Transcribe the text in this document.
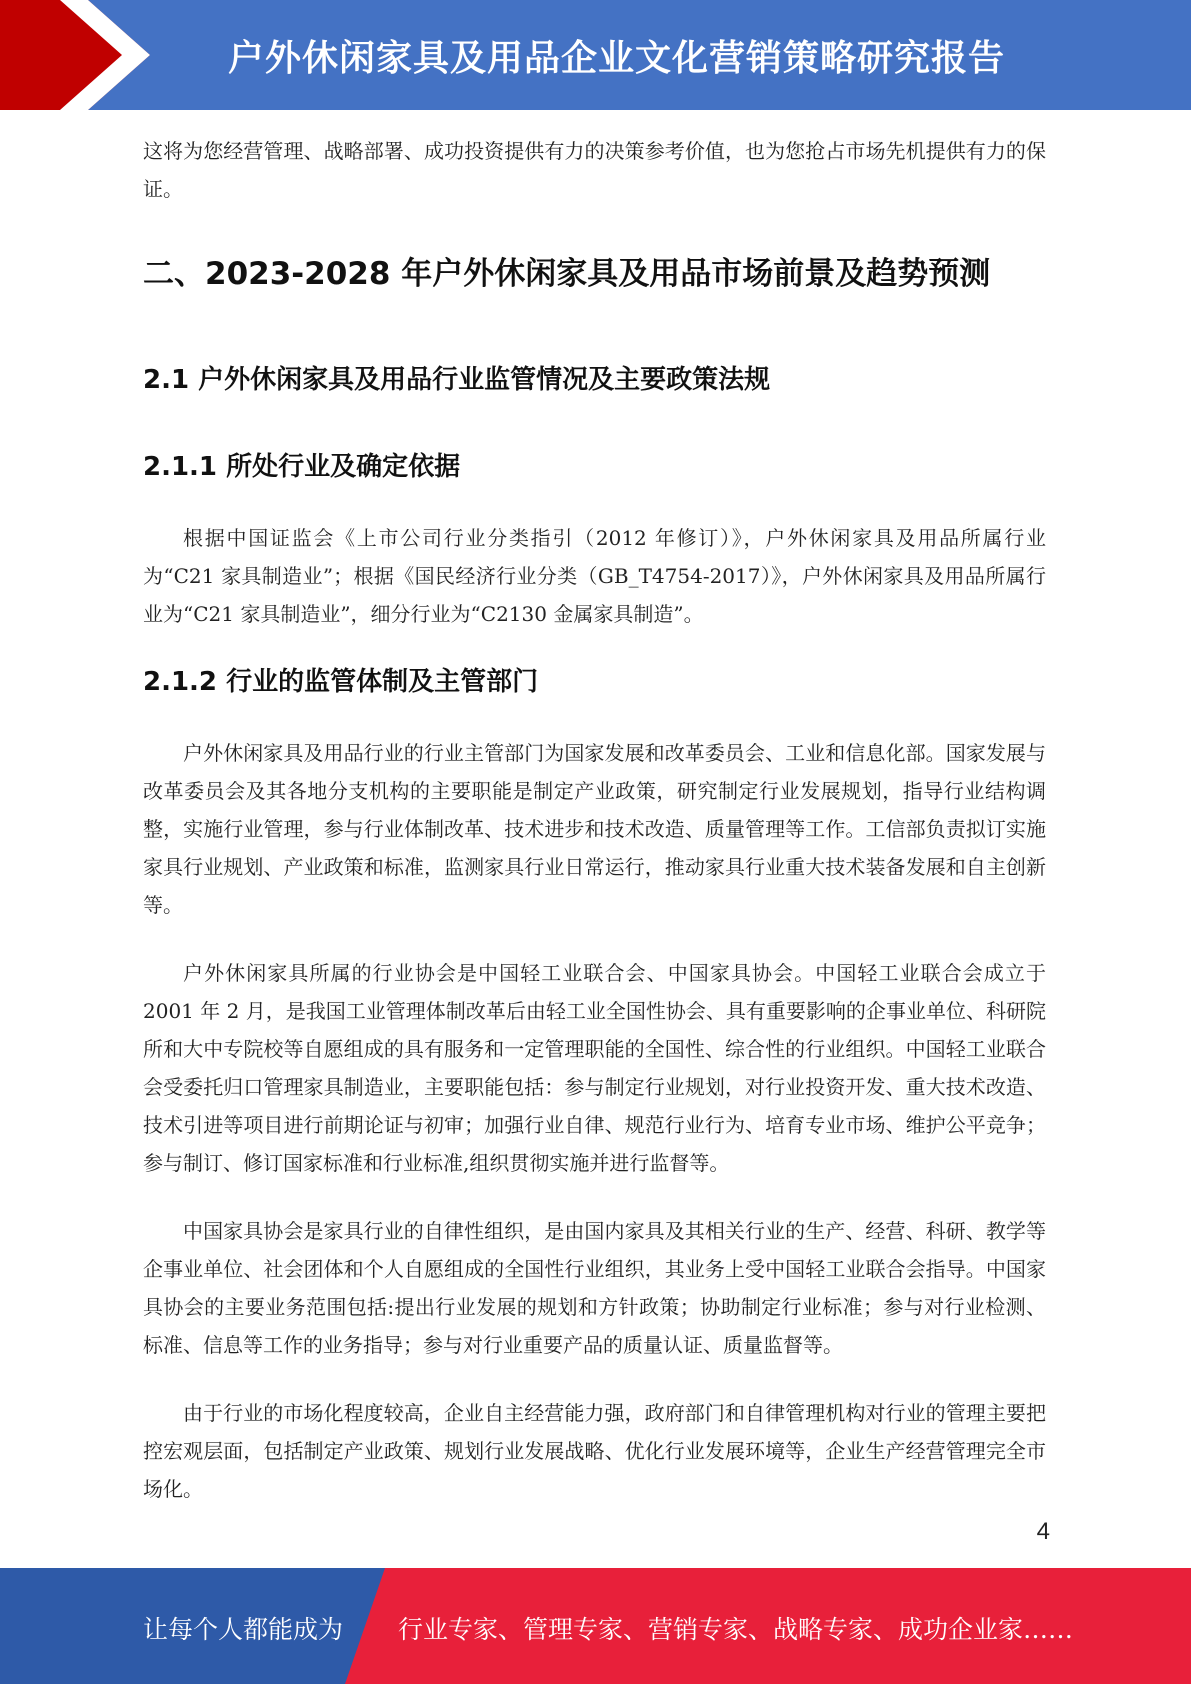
户外休闲家具及用品企业文化营销策略研究报告

这将为您经营管理、战略部署、成功投资提供有力的决策参考价值，也为您抢占市场先机提供有力的保证。

二、2023-2028 年户外休闲家具及用品市场前景及趋势预测
2.1 户外休闲家具及用品行业监管情况及主要政策法规
2.1.1 所处行业及确定依据

根据中国证监会《上市公司行业分类指引（2012 年修订）》，户外休闲家具及用品所属行业为“C21 家具制造业”；根据《国民经济行业分类（GB_T4754-2017）》，户外休闲家具及用品所属行业为“C21 家具制造业”，细分行业为“C2130 金属家具制造”。

2.1.2 行业的监管体制及主管部门

户外休闲家具及用品行业的行业主管部门为国家发展和改革委员会、工业和信息化部。国家发展与改革委员会及其各地分支机构的主要职能是制定产业政策，研究制定行业发展规划，指导行业结构调整，实施行业管理，参与行业体制改革、技术进步和技术改造、质量管理等工作。工信部负责拟订实施家具行业规划、产业政策和标准，监测家具行业日常运行，推动家具行业重大技术装备发展和自主创新等。

户外休闲家具所属的行业协会是中国轻工业联合会、中国家具协会。中国轻工业联合会成立于 2001 年 2 月，是我国工业管理体制改革后由轻工业全国性协会、具有重要影响的企事业单位、科研院所和大中专院校等自愿组成的具有服务和一定管理职能的全国性、综合性的行业组织。中国轻工业联合会受委托归口管理家具制造业，主要职能包括：参与制定行业规划，对行业投资开发、重大技术改造、技术引进等项目进行前期论证与初审；加强行业自律、规范行业行为、培育专业市场、维护公平竞争；参与制订、修订国家标准和行业标准,组织贯彻实施并进行监督等。

中国家具协会是家具行业的自律性组织，是由国内家具及其相关行业的生产、经营、科研、教学等企事业单位、社会团体和个人自愿组成的全国性行业组织，其业务上受中国轻工业联合会指导。中国家具协会的主要业务范围包括:提出行业发展的规划和方针政策；协助制定行业标准；参与对行业检测、标准、信息等工作的业务指导；参与对行业重要产品的质量认证、质量监督等。

由于行业的市场化程度较高，企业自主经营能力强，政府部门和自律管理机构对行业的管理主要把控宏观层面，包括制定产业政策、规划行业发展战略、优化行业发展环境等，企业生产经营管理完全市场化。

4
让每个人都能成为 行业专家、管理专家、营销专家、战略专家、成功企业家……
